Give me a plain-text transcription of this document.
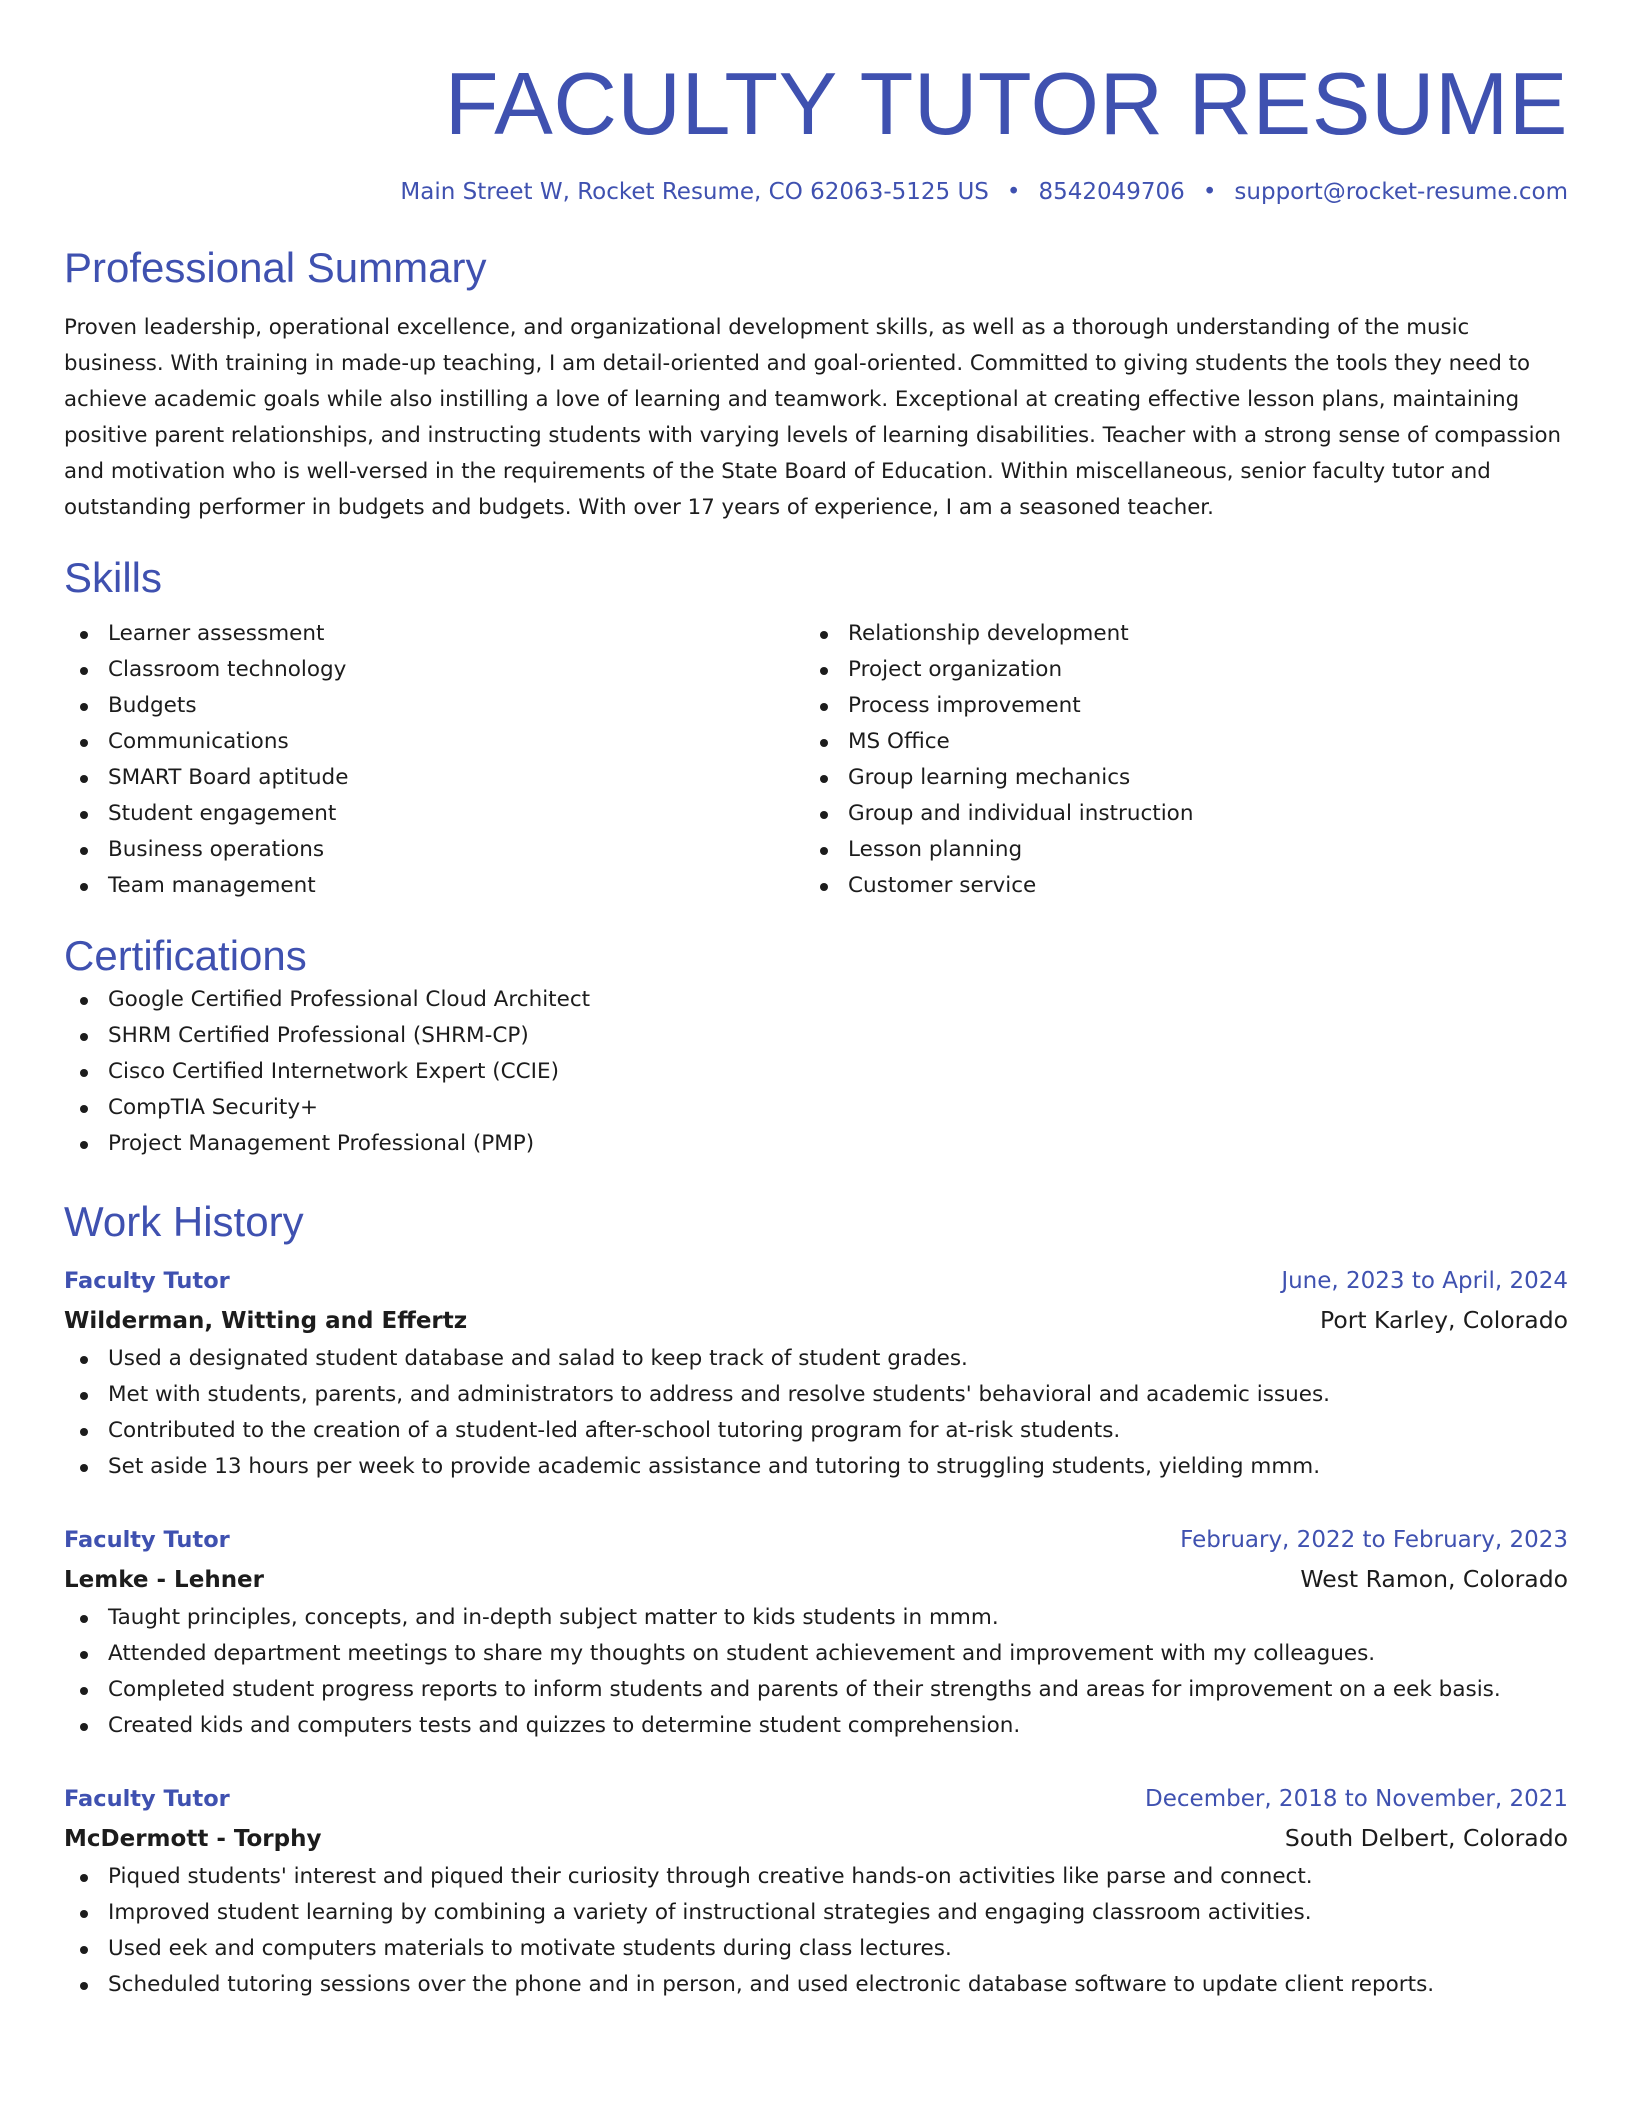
FACULTY TUTOR RESUME
Main Street W, Rocket Resume, CO 62063-5125 US • 8542049706 • support@rocket-resume.com
Professional Summary

Proven leadership, operational excellence, and organizational development skills, as well as a thorough understanding of the music business. With training in made-up teaching, I am detail-oriented and goal-oriented. Committed to giving students the tools they need to achieve academic goals while also instilling a love of learning and teamwork. Exceptional at creating effective lesson plans, maintaining positive parent relationships, and instructing students with varying levels of learning disabilities. Teacher with a strong sense of compassion and motivation who is well-versed in the requirements of the State Board of Education. Within miscellaneous, senior faculty tutor and outstanding performer in budgets and budgets. With over 17 years of experience, I am a seasoned teacher.

Skills
Learner assessment
Classroom technology
Budgets
Communications
SMART Board aptitude
Student engagement
Business operations
Team management
Relationship development
Project organization
Process improvement
MS Office
Group learning mechanics
Group and individual instruction
Lesson planning
Customer service
Certifications
Google Certified Professional Cloud Architect
SHRM Certified Professional (SHRM-CP)
Cisco Certified Internetwork Expert (CCIE)
CompTIA Security+
Project Management Professional (PMP)
Work History
Faculty Tutor	June, 2023 to April, 2024
Wilderman, Witting and Effertz	Port Karley, Colorado
Used a designated student database and salad to keep track of student grades.
Met with students, parents, and administrators to address and resolve students' behavioral and academic issues.
Contributed to the creation of a student-led after-school tutoring program for at-risk students.
Set aside 13 hours per week to provide academic assistance and tutoring to struggling students, yielding mmm.
Faculty Tutor	February, 2022 to February, 2023
Lemke - Lehner	West Ramon, Colorado
Taught principles, concepts, and in-depth subject matter to kids students in mmm.
Attended department meetings to share my thoughts on student achievement and improvement with my colleagues.
Completed student progress reports to inform students and parents of their strengths and areas for improvement on a eek basis.
Created kids and computers tests and quizzes to determine student comprehension.
Faculty Tutor	December, 2018 to November, 2021
McDermott - Torphy	South Delbert, Colorado
Piqued students' interest and piqued their curiosity through creative hands-on activities like parse and connect.
Improved student learning by combining a variety of instructional strategies and engaging classroom activities.
Used eek and computers materials to motivate students during class lectures.
Scheduled tutoring sessions over the phone and in person, and used electronic database software to update client reports.
